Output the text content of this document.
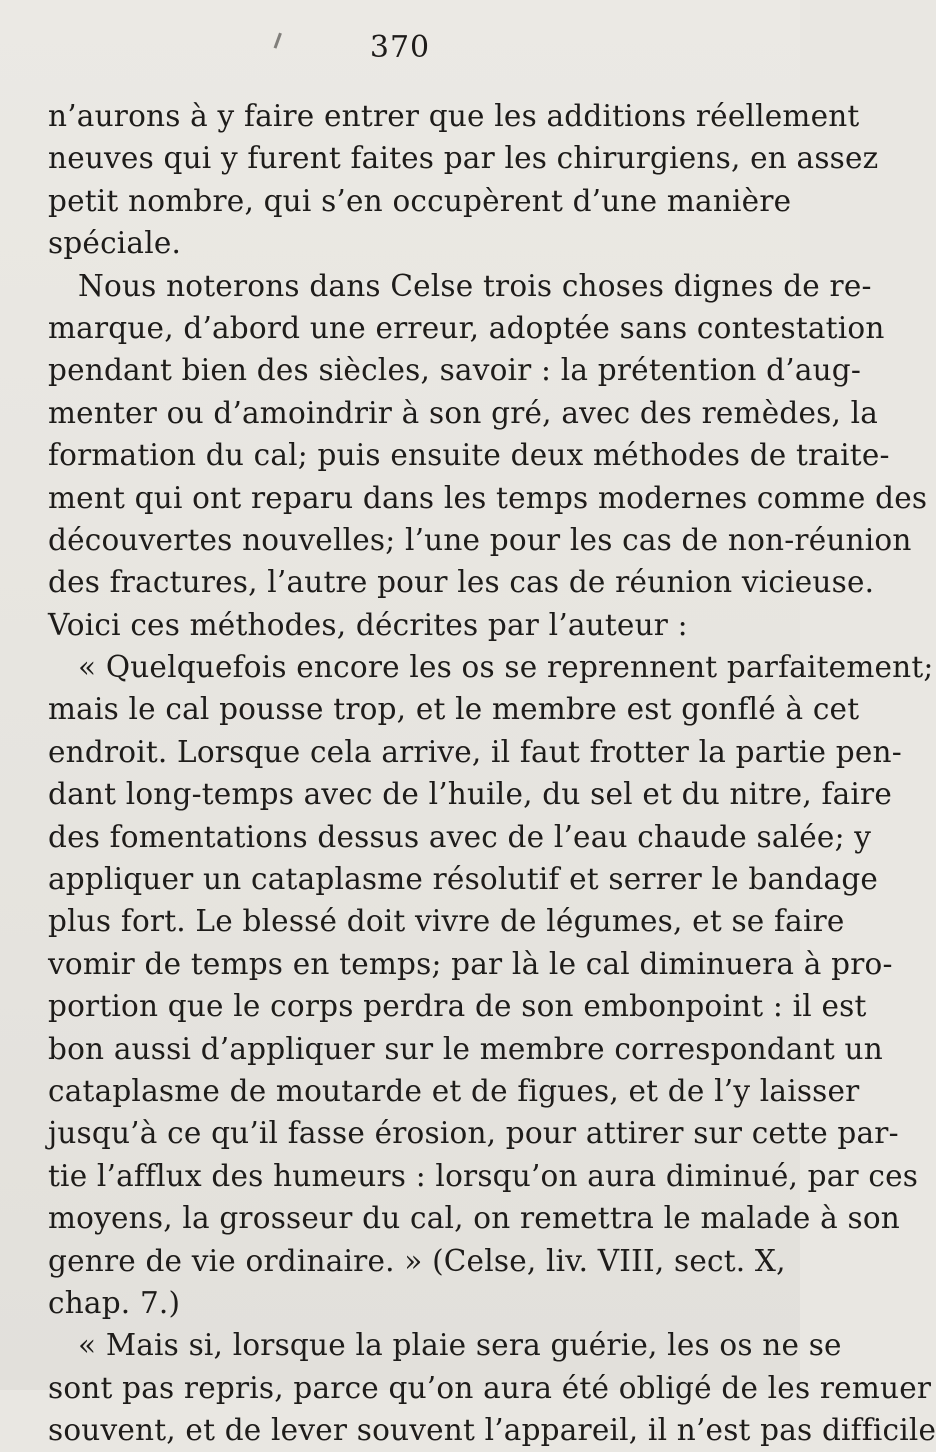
370
n’aurons à y faire entrer que les additions réellement
neuves qui y furent faites par les chirurgiens, en assez
petit nombre, qui s’en occupèrent d’une manière
spéciale.
Nous noterons dans Celse trois choses dignes de re-
marque, d’abord une erreur, adoptée sans contestation
pendant bien des siècles, savoir : la prétention d’aug-
menter ou d’amoindrir à son gré, avec des remèdes, la
formation du cal; puis ensuite deux méthodes de traite-
ment qui ont reparu dans les temps modernes comme des
découvertes nouvelles; l’une pour les cas de non-réunion
des fractures, l’autre pour les cas de réunion vicieuse.
Voici ces méthodes, décrites par l’auteur :
« Quelquefois encore les os se reprennent parfaitement;
mais le cal pousse trop, et le membre est gonflé à cet
endroit. Lorsque cela arrive, il faut frotter la partie pen-
dant long-temps avec de l’huile, du sel et du nitre, faire
des fomentations dessus avec de l’eau chaude salée; y
appliquer un cataplasme résolutif et serrer le bandage
plus fort. Le blessé doit vivre de légumes, et se faire
vomir de temps en temps; par là le cal diminuera à pro-
portion que le corps perdra de son embonpoint : il est
bon aussi d’appliquer sur le membre correspondant un
cataplasme de moutarde et de figues, et de l’y laisser
jusqu’à ce qu’il fasse érosion, pour attirer sur cette par-
tie l’afflux des humeurs : lorsqu’on aura diminué, par ces
moyens, la grosseur du cal, on remettra le malade à son
genre de vie ordinaire. » (Celse, liv. VIII, sect. X,
chap. 7.)
« Mais si, lorsque la plaie sera guérie, les os ne se
sont pas repris, parce qu’on aura été obligé de les remuer
souvent, et de lever souvent l’appareil, il n’est pas difficile
